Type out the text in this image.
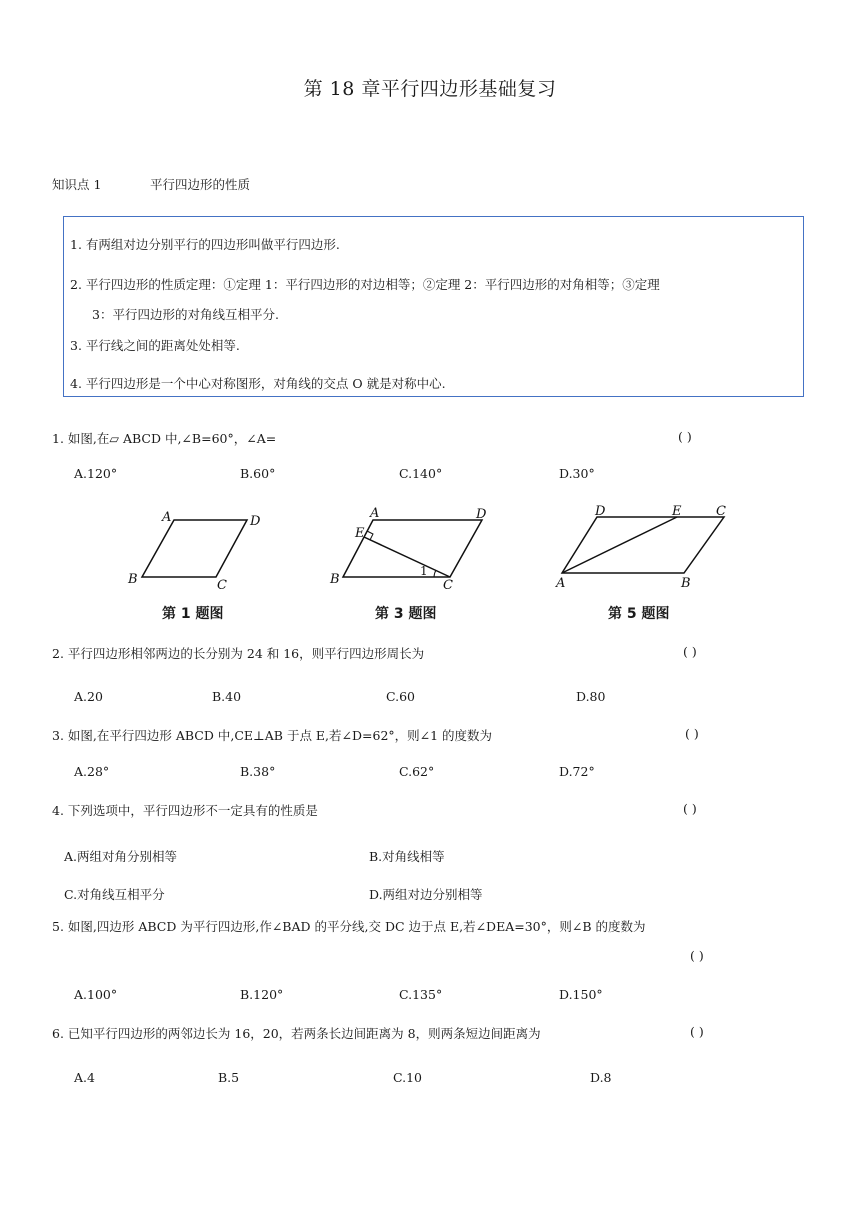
第 18 章平行四边形基础复习
知识点 1	平行四边形的性质
1. 有两组对边分别平行的四边形叫做平行四边形.
2. 平行四边形的性质定理：①定理 1：平行四边形的对边相等；②定理 2：平行四边形的对角相等；③定理
3：平行四边形的对角线互相平分.
3. 平行线之间的距离处处相等.
4. 平行四边形是一个中心对称图形，对角线的交点 O 就是对称中心.
1. 如图,在▱ ABCD 中,∠B=60°，∠A=	( )
A.120°	B.60°	C.140°	D.30°
A	D
B	C
A	D
E
B	C
1
D	E	C
A	B
第 1 题图	第 3 题图	第 5 题图
2. 平行四边形相邻两边的长分别为 24 和 16，则平行四边形周长为	( )
A.20	B.40	C.60	D.80
3. 如图,在平行四边形 ABCD 中,CE⊥AB 于点 E,若∠D=62°，则∠1 的度数为	( )
A.28°	B.38°	C.62°	D.72°
4. 下列选项中，平行四边形不一定具有的性质是	( )
A.两组对角分别相等	B.对角线相等
C.对角线互相平分	D.两组对边分别相等
5. 如图,四边形 ABCD 为平行四边形,作∠BAD 的平分线,交 DC 边于点 E,若∠DEA=30°，则∠B 的度数为
( )
A.100°	B.120°	C.135°	D.150°
6. 已知平行四边形的两邻边长为 16，20，若两条长边间距离为 8，则两条短边间距离为	( )
A.4	B.5	C.10	D.8
